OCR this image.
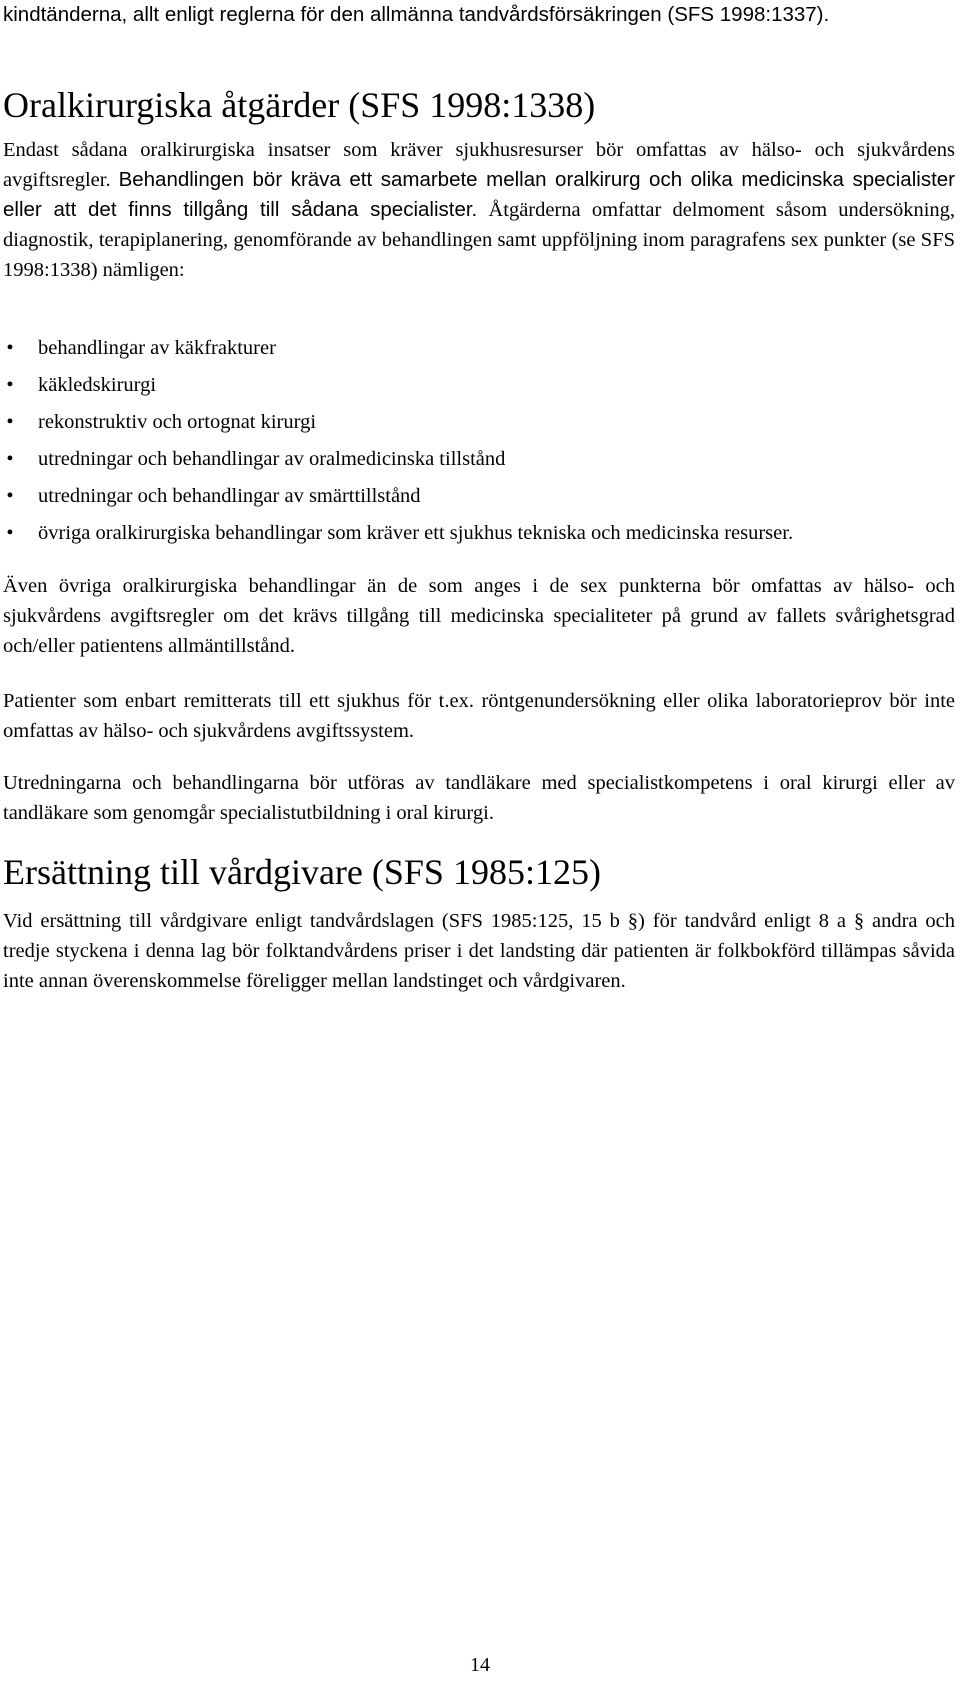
kindtänderna, allt enligt reglerna för den allmänna tandvårdsförsäkringen (SFS 1998:1337).

Oralkirurgiska åtgärder (SFS 1998:1338)

Endast sådana oralkirurgiska insatser som kräver sjukhusresurser bör omfattas av hälso- och sjukvårdens avgiftsregler. Behandlingen bör kräva ett samarbete mellan oralkirurg och olika medicinska specialister eller att det finns tillgång till sådana specialister. Åtgärderna omfattar delmoment såsom undersökning, diagnostik, terapiplanering, genomförande av behandlingen samt uppföljning inom paragrafens sex punkter (se SFS 1998:1338) nämligen:

• behandlingar av käkfrakturer
• käkledskirurgi
• rekonstruktiv och ortognat kirurgi
• utredningar och behandlingar av oralmedicinska tillstånd
• utredningar och behandlingar av smärttillstånd
• övriga oralkirurgiska behandlingar som kräver ett sjukhus tekniska och medicinska resurser.

Även övriga oralkirurgiska behandlingar än de som anges i de sex punkterna bör omfattas av hälso- och sjukvårdens avgiftsregler om det krävs tillgång till medicinska specialiteter på grund av fallets svårighetsgrad och/eller patientens allmäntillstånd.

Patienter som enbart remitterats till ett sjukhus för t.ex. röntgenundersökning eller olika laboratorieprov bör inte omfattas av hälso- och sjukvårdens avgiftssystem.

Utredningarna och behandlingarna bör utföras av tandläkare med specialistkompetens i oral kirurgi eller av tandläkare som genomgår specialistutbildning i oral kirurgi.

Ersättning till vårdgivare (SFS 1985:125)

Vid ersättning till vårdgivare enligt tandvårdslagen (SFS 1985:125, 15 b §) för tandvård enligt 8 a § andra och tredje styckena i denna lag bör folktandvårdens priser i det landsting där patienten är folkbokförd tillämpas såvida inte annan överenskommelse föreligger mellan landstinget och vårdgivaren.

14
